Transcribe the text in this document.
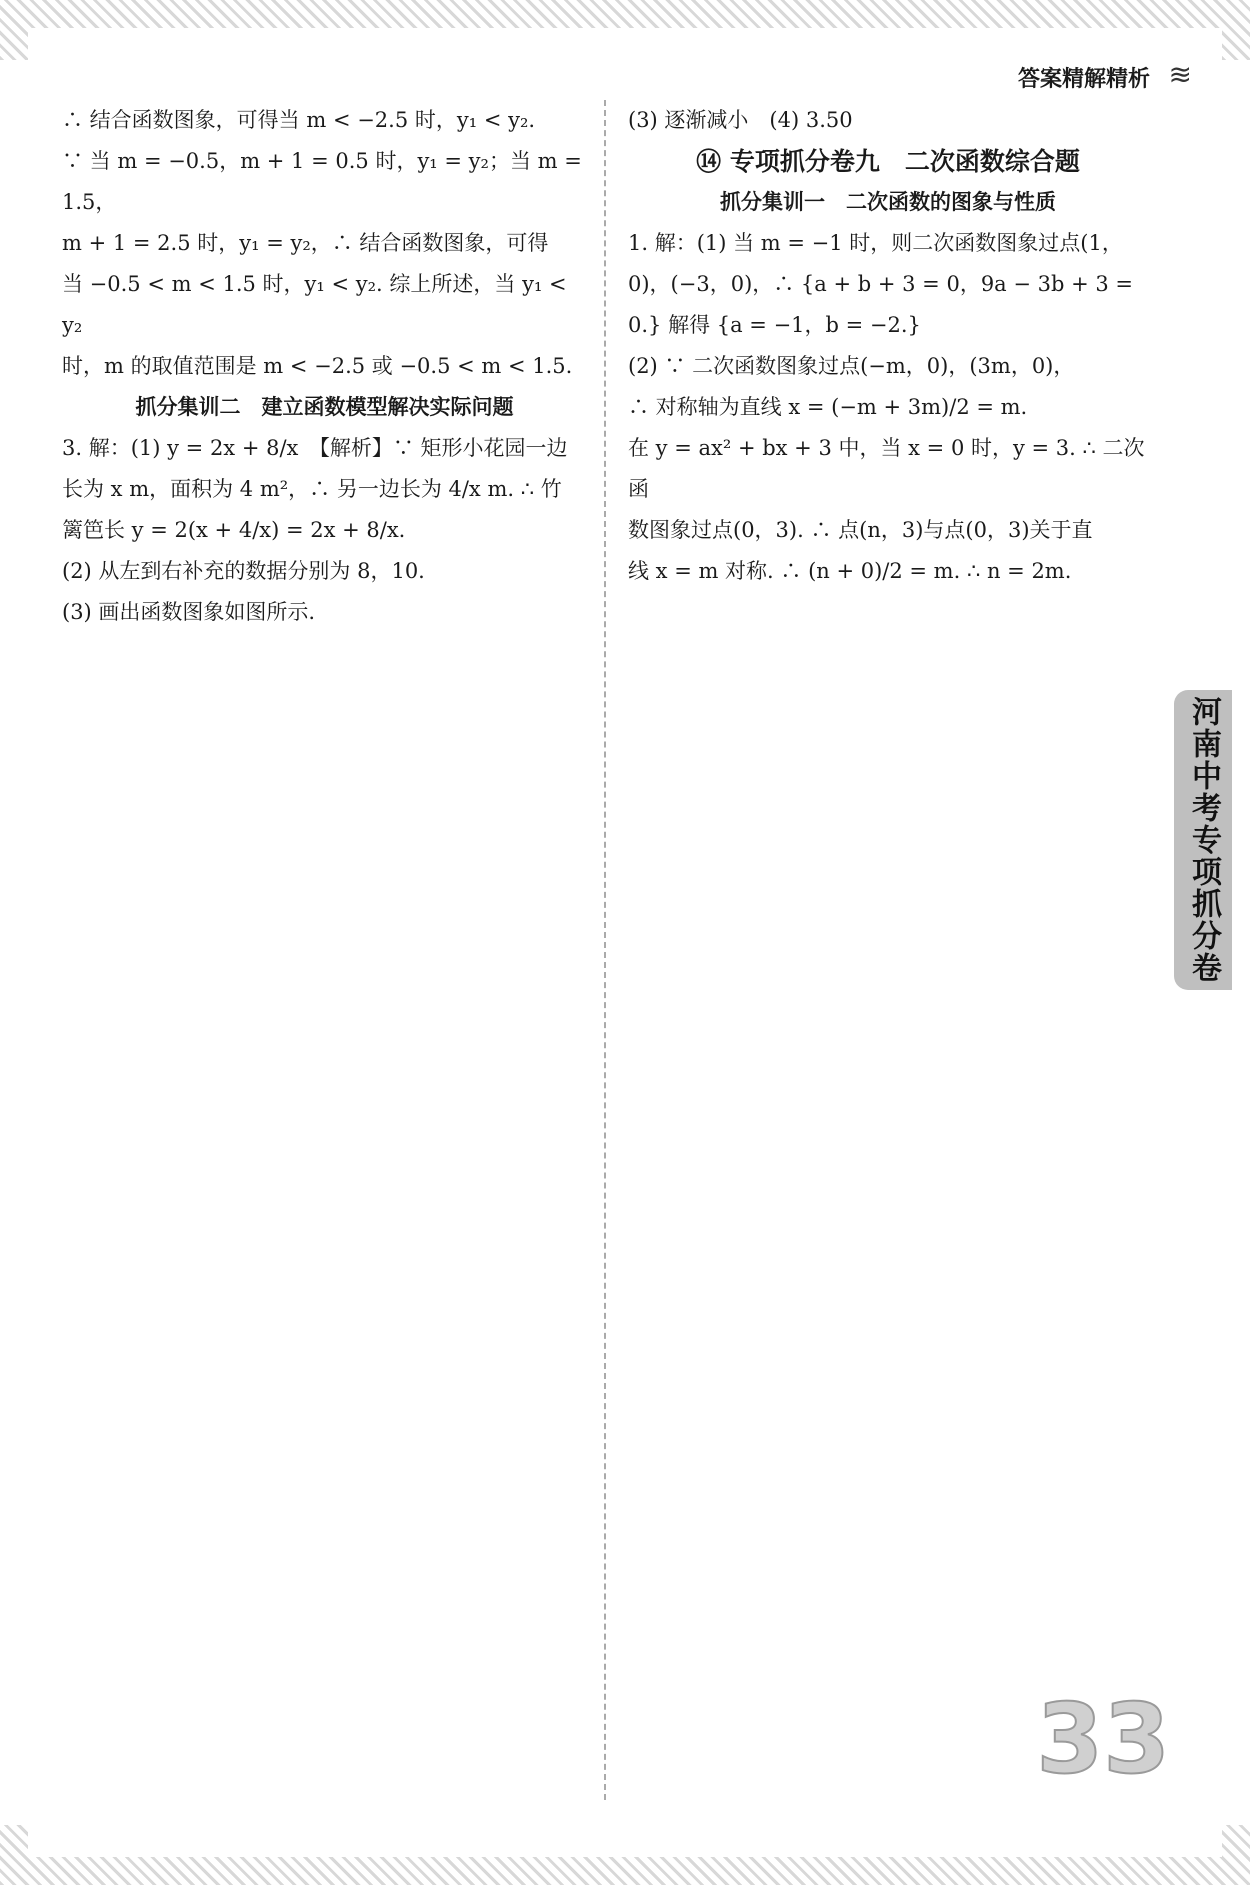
答案精解精析 ≋

∴ 结合函数图象，可得当 m < −2.5 时，y₁ < y₂.

∵ 当 m = −0.5，m + 1 = 0.5 时，y₁ = y₂；当 m = 1.5，

m + 1 = 2.5 时，y₁ = y₂，∴ 结合函数图象，可得

当 −0.5 < m < 1.5 时，y₁ < y₂. 综上所述，当 y₁ < y₂

时，m 的取值范围是 m < −2.5 或 −0.5 < m < 1.5.

抓分集训二　建立函数模型解决实际问题

3. 解：(1) y = 2x + 8/x　【解析】∵ 矩形小花园一边

长为 x m，面积为 4 m²，∴ 另一边长为 4/x m. ∴ 竹

篱笆长 y = 2(x + 4/x) = 2x + 8/x.

(2) 从左到右补充的数据分别为 8，10.

(3) 画出函数图象如图所示.

(3) 逐渐减小　(4) 3.50

⑭ 专项抓分卷九　二次函数综合题

抓分集训一　二次函数的图象与性质

1. 解：(1) 当 m = −1 时，则二次函数图象过点(1，

0)，(−3，0)，∴ {a + b + 3 = 0，9a − 3b + 3 = 0.} 解得 {a = −1，b = −2.}

(2) ∵ 二次函数图象过点(−m，0)，(3m，0)，

∴ 对称轴为直线 x = (−m + 3m)/2 = m.

在 y = ax² + bx + 3 中，当 x = 0 时，y = 3. ∴ 二次函

数图象过点(0，3). ∴ 点(n，3)与点(0，3)关于直

线 x = m 对称. ∴ (n + 0)/2 = m. ∴ n = 2m.

河南中考专项抓分卷
33
